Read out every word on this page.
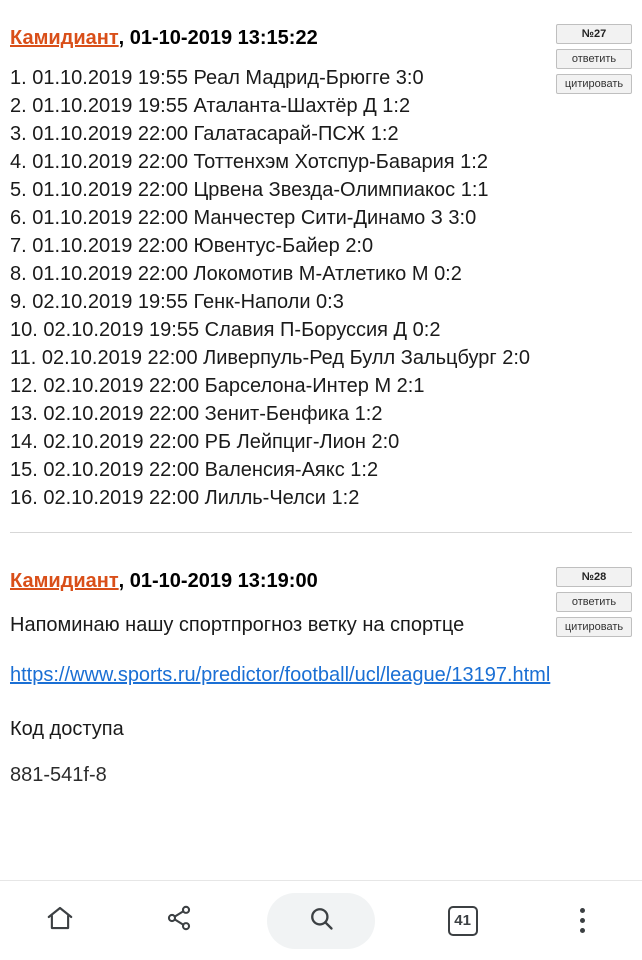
Камидиант , 01-10-2019 13:15:22	№27
ответить
цитировать
1. 01.10.2019 19:55 Реал Мадрид-Брюгге 3:0
2. 01.10.2019 19:55 Аталанта-Шахтёр Д 1:2
3. 01.10.2019 22:00 Галатасарай-ПСЖ 1:2
4. 01.10.2019 22:00 Тоттенхэм Хотспур-Бавария 1:2
5. 01.10.2019 22:00 Црвена Звезда-Олимпиакос 1:1
6. 01.10.2019 22:00 Манчестер Сити-Динамо З 3:0
7. 01.10.2019 22:00 Ювентус-Байер 2:0
8. 01.10.2019 22:00 Локомотив М-Атлетико М 0:2
9. 02.10.2019 19:55 Генк-Наполи 0:3
10. 02.10.2019 19:55 Славия П-Боруссия Д 0:2
11. 02.10.2019 22:00 Ливерпуль-Ред Булл Зальцбург 2:0
12. 02.10.2019 22:00 Барселона-Интер М 2:1
13. 02.10.2019 22:00 Зенит-Бенфика 1:2
14. 02.10.2019 22:00 РБ Лейпциг-Лион 2:0
15. 02.10.2019 22:00 Валенсия-Аякс 1:2
16. 02.10.2019 22:00 Лилль-Челси 1:2
Камидиант , 01-10-2019 13:19:00	№28
ответить
цитировать
Напоминаю нашу спортпрогноз ветку на спортце
https://www.sports.ru/predictor/football/ucl/league/13197.html
Код доступа
881-541f-8
41
